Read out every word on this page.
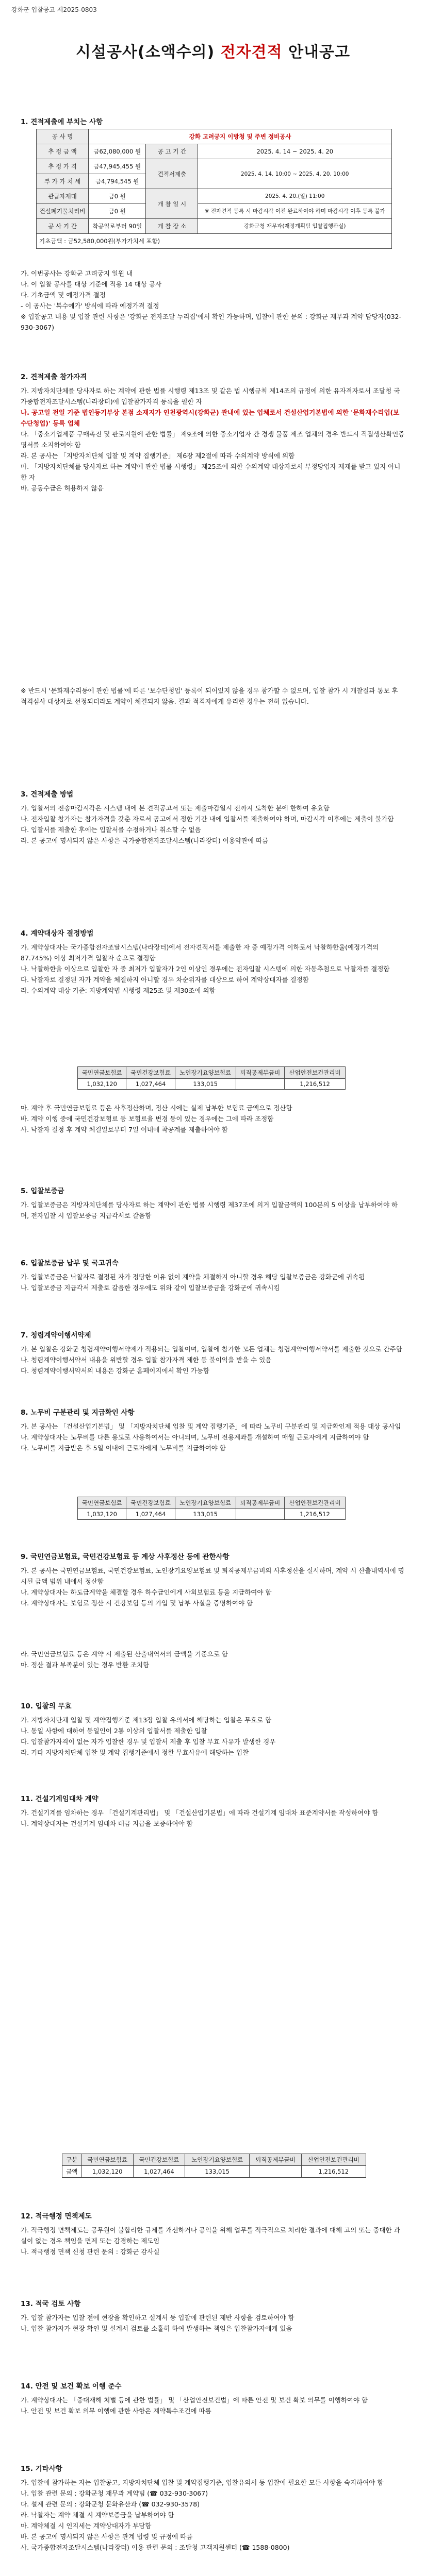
강화군 입찰공고 제2025-0803
시설공사(소액수의) 전자견적 안내공고
1. 견적제출에 부치는 사항
공 사 명	강화 고려궁지 이방청 및 주변 정비공사		
추 정 금 액	금62,080,000 원	공 고 기 간	2025. 4. 14 ~ 2025. 4. 20
추 정 가 격	금47,945,455 원	견적서제출	2025. 4. 14. 10:00 ~ 2025. 4. 20. 10:00
부 가 가 치 세	금4,794,545 원		
관급자재대	금0 원	개 찰 일 시	2025. 4. 20.(일) 11:00
건설폐기물처리비	금0 원		※ 전자견적 등록 시 마감시각 이전 완료하여야 하며 마감시각 이후 등록 불가
공 사 기 간	착공일로부터 90일	개 찰 장 소	강화군청 재무과(재정계획팀 입찰집행관실)
기초금액 : 금52,580,000원(부가가치세 포함)			
가. 이번공사는 강화군 고려궁지 일원 내
나. 이 입찰 공사를 대상 기준에 적용 14 대상 공사
다. 기초금액 및 예정가격 결정
- 이 공사는 '복수예가' 방식에 따라 예정가격 결정
※ 입찰공고 내용 및 입찰 관련 사항은 '강화군 전자조달 누리집'에서 확인 가능하며, 입찰에 관한 문의 : 강화군 재무과 계약 담당자(032-930-3067)
2. 견적제출 참가자격
가. 지방자치단체를 당사자로 하는 계약에 관한 법률 시행령 제13조 및 같은 법 시행규칙 제14조의 규정에 의한 유자격자로서 조달청 국가종합전자조달시스템(나라장터)에 입찰참가자격 등록을 필한 자
나. 공고일 전일 기준 법인등기부상 본점 소재지가 인천광역시(강화군) 관내에 있는 업체로서 건설산업기본법에 의한 '문화재수리업(보수단청업)' 등록 업체
다. 「중소기업제품 구매촉진 및 판로지원에 관한 법률」 제9조에 의한 중소기업자 간 경쟁 물품 제조 업체의 경우 반드시 직접생산확인증명서를 소지하여야 함
라. 본 공사는 「지방자치단체 입찰 및 계약 집행기준」 제6장 제2절에 따라 수의계약 방식에 의함
마. 「지방자치단체를 당사자로 하는 계약에 관한 법률 시행령」 제25조에 의한 수의계약 대상자로서 부정당업자 제재를 받고 있지 아니한 자
바. 공동수급은 허용하지 않음
※ 반드시 '문화재수리등에 관한 법률'에 따른 '보수단청업' 등록이 되어있지 않을 경우 참가할 수 없으며, 입찰 참가 시 개찰결과 통보 후 적격심사 대상자로 선정되더라도 계약이 체결되지 않음. 결과 적격자에게 유리한 경우는 전혀 없습니다.
3. 견적제출 방법
가. 입찰서의 전송마감시각은 시스템 내에 본 견적공고서 또는 제출마감일시 전까지 도착한 분에 한하여 유효함
나. 전자입찰 참가자는 참가자격을 갖춘 자로서 공고에서 정한 기간 내에 입찰서를 제출하여야 하며, 마감시각 이후에는 제출이 불가함
다. 입찰서를 제출한 후에는 입찰서를 수정하거나 취소할 수 없음
라. 본 공고에 명시되지 않은 사항은 국가종합전자조달시스템(나라장터) 이용약관에 따름
4. 계약대상자 결정방법
가. 계약상대자는 국가종합전자조달시스템(나라장터)에서 전자견적서를 제출한 자 중 예정가격 이하로서 낙찰하한율(예정가격의 87.745%) 이상 최저가격 입찰자 순으로 결정함
나. 낙찰하한율 이상으로 입찰한 자 중 최저가 입찰자가 2인 이상인 경우에는 전자입찰 시스템에 의한 자동추첨으로 낙찰자를 결정함
다. 낙찰자로 결정된 자가 계약을 체결하지 아니할 경우 차순위자를 대상으로 하여 계약상대자를 결정함
라. 수의계약 대상 기준: 지방계약법 시행령 제25조 및 제30조에 의함
국민연금보험료	국민건강보험료	노인장기요양보험료	퇴직공제부금비	산업안전보건관리비
1,032,120	1,027,464	133,015		1,216,512
마. 계약 후 국민연금보험료 등은 사후정산하며, 정산 시에는 실제 납부한 보험료 금액으로 정산함
바. 계약 이행 중에 국민건강보험료 등 보험료율 변경 등이 있는 경우에는 그에 따라 조정함
사. 낙찰자 결정 후 계약 체결일로부터 7일 이내에 착공계를 제출하여야 함
5. 입찰보증금
가. 입찰보증금은 지방자치단체를 당사자로 하는 계약에 관한 법률 시행령 제37조에 의거 입찰금액의 100분의 5 이상을 납부하여야 하며, 전자입찰 시 입찰보증금 지급각서로 갈음함
6. 입찰보증금 납부 및 국고귀속
가. 입찰보증금은 낙찰자로 결정된 자가 정당한 이유 없이 계약을 체결하지 아니할 경우 해당 입찰보증금은 강화군에 귀속됨
나. 입찰보증금 지급각서 제출로 갈음한 경우에도 위와 같이 입찰보증금을 강화군에 귀속시킴
7. 청렴계약이행서약제
가. 본 입찰은 강화군 청렴계약이행서약제가 적용되는 입찰이며, 입찰에 참가한 모든 업체는 청렴계약이행서약서를 제출한 것으로 간주함
나. 청렴계약이행서약서 내용을 위반할 경우 입찰 참가자격 제한 등 불이익을 받을 수 있음
다. 청렴계약이행서약서의 내용은 강화군 홈페이지에서 확인 가능함
8. 노무비 구분관리 및 지급확인 사항
가. 본 공사는 「건설산업기본법」 및 「지방자치단체 입찰 및 계약 집행기준」에 따라 노무비 구분관리 및 지급확인제 적용 대상 공사임
나. 계약상대자는 노무비를 다른 용도로 사용하여서는 아니되며, 노무비 전용계좌를 개설하여 매월 근로자에게 지급하여야 함
다. 노무비를 지급받은 후 5일 이내에 근로자에게 노무비를 지급하여야 함
국민연금보험료	국민건강보험료	노인장기요양보험료	퇴직공제부금비	산업안전보건관리비
1,032,120	1,027,464	133,015		1,216,512
9. 국민연금보험료, 국민건강보험료 등 계상 사후정산 등에 관한사항
가. 본 공사는 국민연금보험료, 국민건강보험료, 노인장기요양보험료 및 퇴직공제부금비의 사후정산을 실시하며, 계약 시 산출내역서에 명시된 금액 범위 내에서 정산함
나. 계약상대자는 하도급계약을 체결할 경우 하수급인에게 사회보험료 등을 지급하여야 함
다. 계약상대자는 보험료 정산 시 건강보험 등의 가입 및 납부 사실을 증명하여야 함
라. 국민연금보험료 등은 계약 시 제출된 산출내역서의 금액을 기준으로 함
마. 정산 결과 부족분이 있는 경우 반환 조치함
10. 입찰의 무효
가. 지방자치단체 입찰 및 계약집행기준 제13장 입찰 유의서에 해당하는 입찰은 무효로 함
나. 동일 사항에 대하여 동일인이 2통 이상의 입찰서를 제출한 입찰
다. 입찰참가자격이 없는 자가 입찰한 경우 및 입찰서 제출 후 입찰 무효 사유가 발생한 경우
라. 기타 지방자치단체 입찰 및 계약 집행기준에서 정한 무효사유에 해당하는 입찰
11. 건설기계임대차 계약
가. 건설기계를 임차하는 경우 「건설기계관리법」 및 「건설산업기본법」에 따라 건설기계 임대차 표준계약서를 작성하여야 함
나. 계약상대자는 건설기계 임대차 대금 지급을 보증하여야 함
구분	국민연금보험료	국민건강보험료	노인장기요양보험료	퇴직공제부금비	산업안전보건관리비
금액	1,032,120	1,027,464	133,015		1,216,512
12. 적극행정 면책제도
가. 적극행정 면책제도는 공무원이 불합리한 규제를 개선하거나 공익을 위해 업무를 적극적으로 처리한 결과에 대해 고의 또는 중대한 과실이 없는 경우 책임을 면제 또는 감경하는 제도임
나. 적극행정 면책 신청 관련 문의 : 강화군 감사실
13. 적국 검토 사항
가. 입찰 참가자는 입찰 전에 현장을 확인하고 설계서 등 입찰에 관련된 제반 사항을 검토하여야 함
나. 입찰 참가자가 현장 확인 및 설계서 검토를 소홀히 하여 발생하는 책임은 입찰참가자에게 있음
14. 안전 및 보건 확보 이행 준수
가. 계약상대자는 「중대재해 처벌 등에 관한 법률」 및 「산업안전보건법」에 따른 안전 및 보건 확보 의무를 이행하여야 함
나. 안전 및 보건 확보 의무 이행에 관한 사항은 계약특수조건에 따름
15. 기타사항
가. 입찰에 참가하는 자는 입찰공고, 지방자치단체 입찰 및 계약집행기준, 입찰유의서 등 입찰에 필요한 모든 사항을 숙지하여야 함
나. 입찰 관련 문의 : 강화군청 재무과 계약팀 (☎ 032-930-3067)
다. 설계 관련 문의 : 강화군청 문화유산과 (☎ 032-930-3578)
라. 낙찰자는 계약 체결 시 계약보증금을 납부하여야 함
마. 계약체결 시 인지세는 계약상대자가 부담함
바. 본 공고에 명시되지 않은 사항은 관계 법령 및 규정에 따름
사. 국가종합전자조달시스템(나라장터) 이용 관련 문의 : 조달청 고객지원센터 (☎ 1588-0800)
